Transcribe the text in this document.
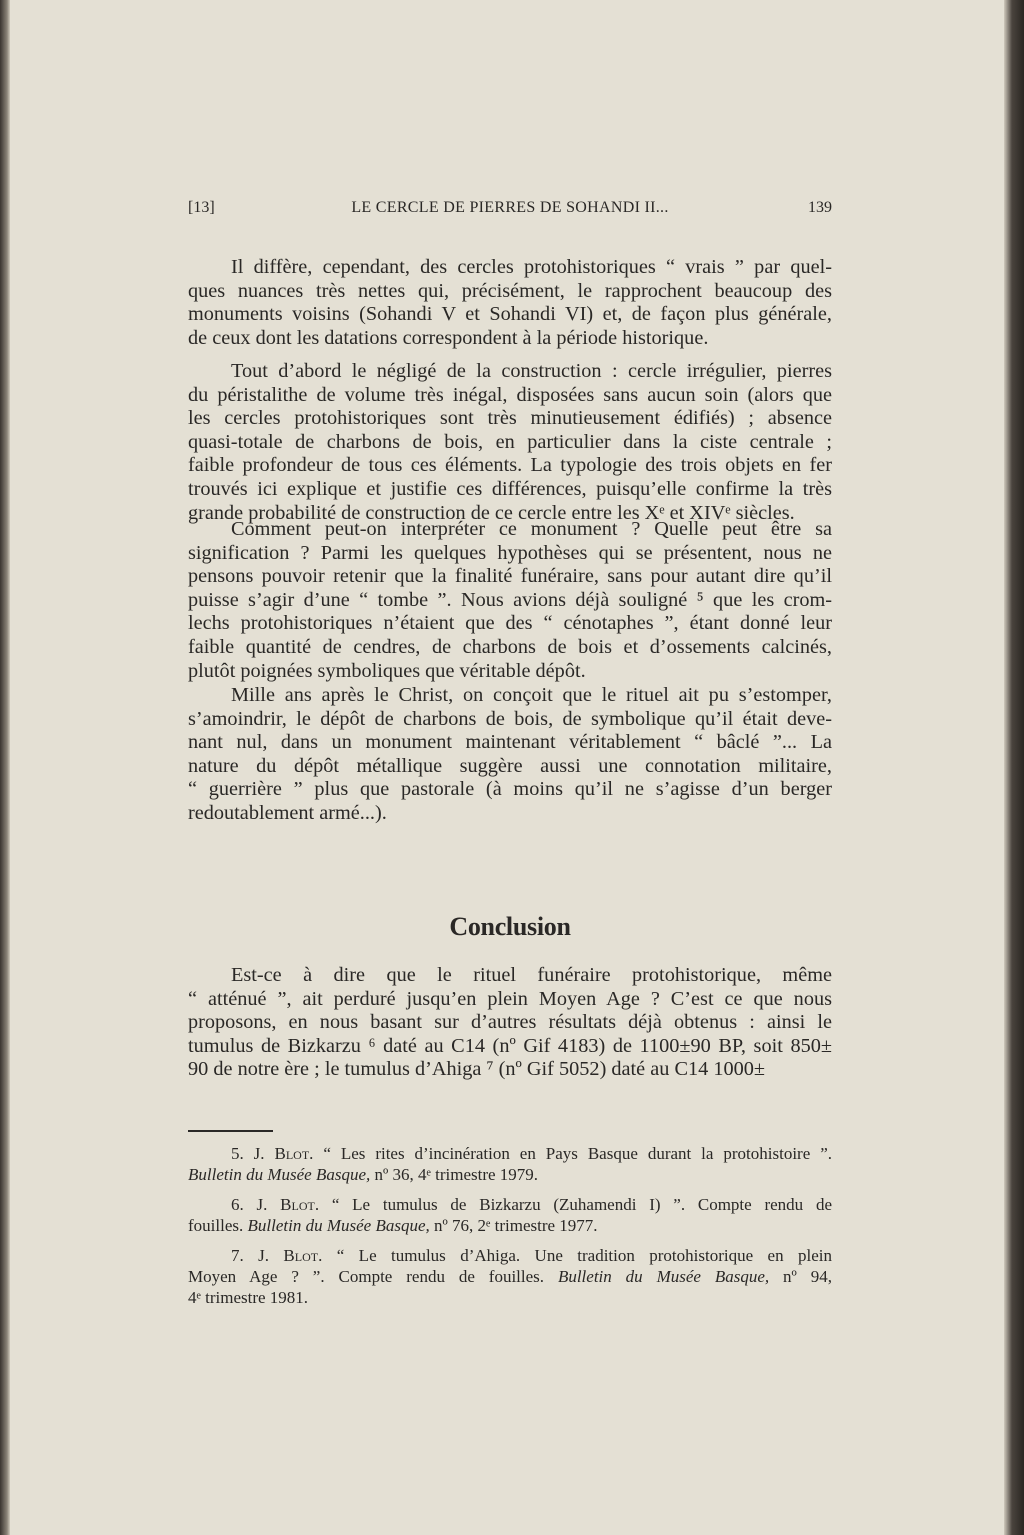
[13]	LE CERCLE DE PIERRES DE SOHANDI II...	139
Il diffère, cependant, des cercles protohistoriques “ vrais ” par quel-
ques nuances très nettes qui, précisément, le rapprochent beaucoup des
monuments voisins (Sohandi V et Sohandi VI) et, de façon plus générale,
de ceux dont les datations correspondent à la période historique.
Tout d’abord le négligé de la construction : cercle irrégulier, pierres
du péristalithe de volume très inégal, disposées sans aucun soin (alors que
les cercles protohistoriques sont très minutieusement édifiés) ; absence
quasi-totale de charbons de bois, en particulier dans la ciste centrale ;
faible profondeur de tous ces éléments. La typologie des trois objets en fer
trouvés ici explique et justifie ces différences, puisqu’elle confirme la très
grande probabilité de construction de ce cercle entre les Xᵉ et XIVᵉ siècles.
Comment peut-on interpréter ce monument ? Quelle peut être sa
signification ? Parmi les quelques hypothèses qui se présentent, nous ne
pensons pouvoir retenir que la finalité funéraire, sans pour autant dire qu’il
puisse s’agir d’une “ tombe ”. Nous avions déjà souligné ⁵ que les crom-
lechs protohistoriques n’étaient que des “ cénotaphes ”, étant donné leur
faible quantité de cendres, de charbons de bois et d’ossements calcinés,
plutôt poignées symboliques que véritable dépôt.
Mille ans après le Christ, on conçoit que le rituel ait pu s’estomper,
s’amoindrir, le dépôt de charbons de bois, de symbolique qu’il était deve-
nant nul, dans un monument maintenant véritablement “ bâclé ”... La
nature du dépôt métallique suggère aussi une connotation militaire,
“ guerrière ” plus que pastorale (à moins qu’il ne s’agisse d’un berger
redoutablement armé...).
Conclusion
Est-ce à dire que le rituel funéraire protohistorique, même
“ atténué ”, ait perduré jusqu’en plein Moyen Age ? C’est ce que nous
proposons, en nous basant sur d’autres résultats déjà obtenus : ainsi le
tumulus de Bizkarzu ⁶ daté au C14 (nº Gif 4183) de 1100±90 BP, soit 850±
90 de notre ère ; le tumulus d’Ahiga ⁷ (nº Gif 5052) daté au C14 1000±
5. J. Blot. “ Les rites d’incinération en Pays Basque durant la protohistoire ”.
Bulletin du Musée Basque, nº 36, 4ᵉ trimestre 1979.
6. J. Blot. “ Le tumulus de Bizkarzu (Zuhamendi I) ”. Compte rendu de
fouilles. Bulletin du Musée Basque, nº 76, 2ᵉ trimestre 1977.
7. J. Blot. “ Le tumulus d’Ahiga. Une tradition protohistorique en plein
Moyen Age ? ”. Compte rendu de fouilles. Bulletin du Musée Basque, nº 94,
4ᵉ trimestre 1981.
